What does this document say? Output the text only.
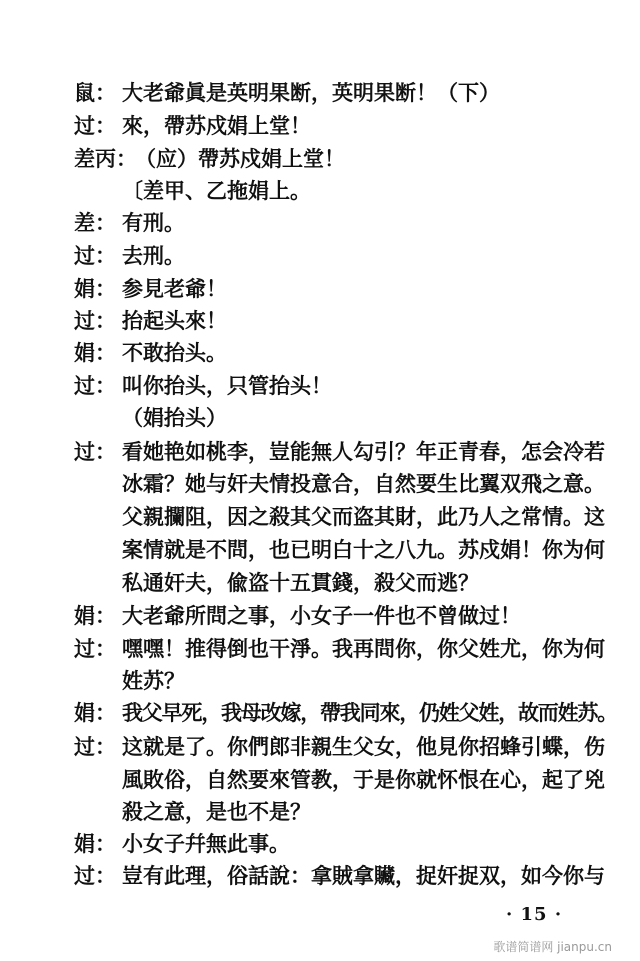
鼠： 大老爺眞是英明果断，英明果断！（下）
过： 來，帶苏戍娟上堂！
差丙：
（应）帶苏戍娟上堂！
〔差甲、乙拖娟上。
差： 有刑。
过： 去刑。
娟： 参見老爺！
过： 抬起头來！
娟： 不敢抬头。
过： 叫你抬头，只管抬头！
（娟抬头）
过： 看她艳如桃李，豈能無人勾引？年正青春，怎会冷若
冰霜？她与奸夫情投意合，自然要生比翼双飛之意。
父親攔阻，因之殺其父而盗其財，此乃人之常情。这
案情就是不問，也已明白十之八九。苏戍娟！你为何
私通奸夫，偸盗十五貫錢，殺父而逃？
娟： 大老爺所問之事，小女子一件也不曾做过！
过： 嘿嘿！推得倒也干淨。我再問你，你父姓尤，你为何
姓苏？
娟： 我父早死，我母改嫁，帶我同來，仍姓父姓，故而姓苏。
过： 这就是了。你們郎非親生父女，他見你招蜂引蝶，伤
風敗俗，自然要來管教，于是你就怀恨在心，起了兇
殺之意，是也不是？
娟： 小女子幷無此事。
过： 豈有此理，俗話說：拿賊拿贜，捉奸捉双，如今你与
· 15 ·
歌谱简谱网 jianpu.cn
